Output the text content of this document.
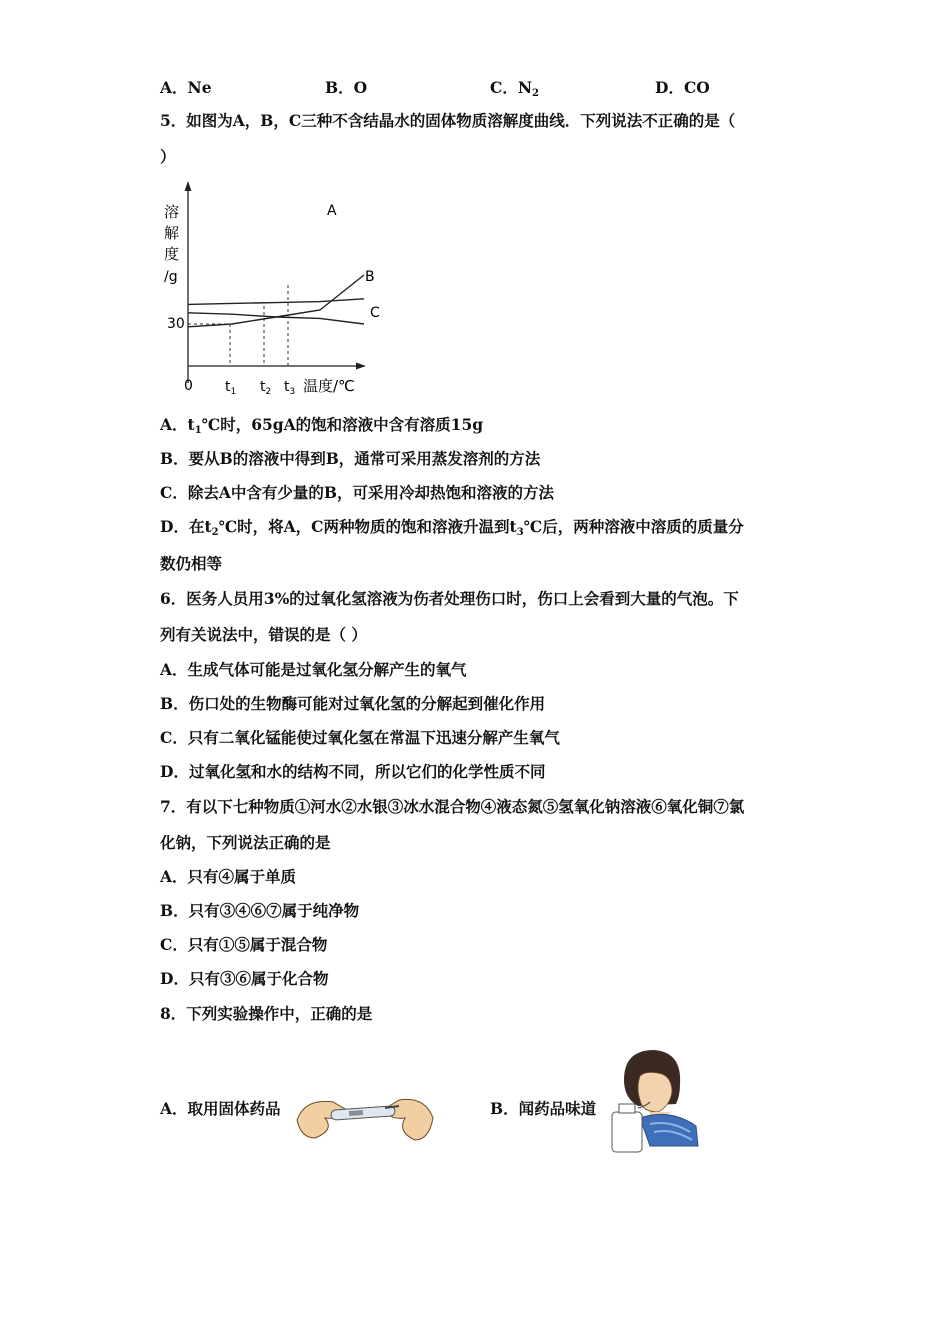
A．Ne	B．O	C．$N_2$	D．CO
5．如图为A，B，C三种不含结晶水的固体物质溶解度曲线．下列说法不正确的是（
）
溶
解
度
/g
30
0 $t_1$ $t_2$ $t_3$ 温度/℃
A
B
C
A．$t_1℃$时，65gA的饱和溶液中含有溶质15g
B．要从B的溶液中得到B，通常可采用蒸发溶剂的方法
C．除去A中含有少量的B，可采用冷却热饱和溶液的方法
D．在$t_2℃$时，将A，C两种物质的饱和溶液升温到$t_3℃$后，两种溶液中溶质的质量分
数仍相等
6．医务人员用3%的过氧化氢溶液为伤者处理伤口时，伤口上会看到大量的气泡。下
列有关说法中，错误的是（ ）
A．生成气体可能是过氧化氢分解产生的氧气
B．伤口处的生物酶可能对过氧化氢的分解起到催化作用
C．只有二氧化锰能使过氧化氢在常温下迅速分解产生氧气
D．过氧化氢和水的结构不同，所以它们的化学性质不同
7．有以下七种物质①河水②水银③冰水混合物④液态氮⑤氢氧化钠溶液⑥氧化铜⑦氯
化钠，下列说法正确的是
A．只有④属于单质
B．只有③④⑥⑦属于纯净物
C．只有①⑤属于混合物
D．只有③⑥属于化合物
8．下列实验操作中，正确的是
A．取用固体药品	B．闻药品味道
